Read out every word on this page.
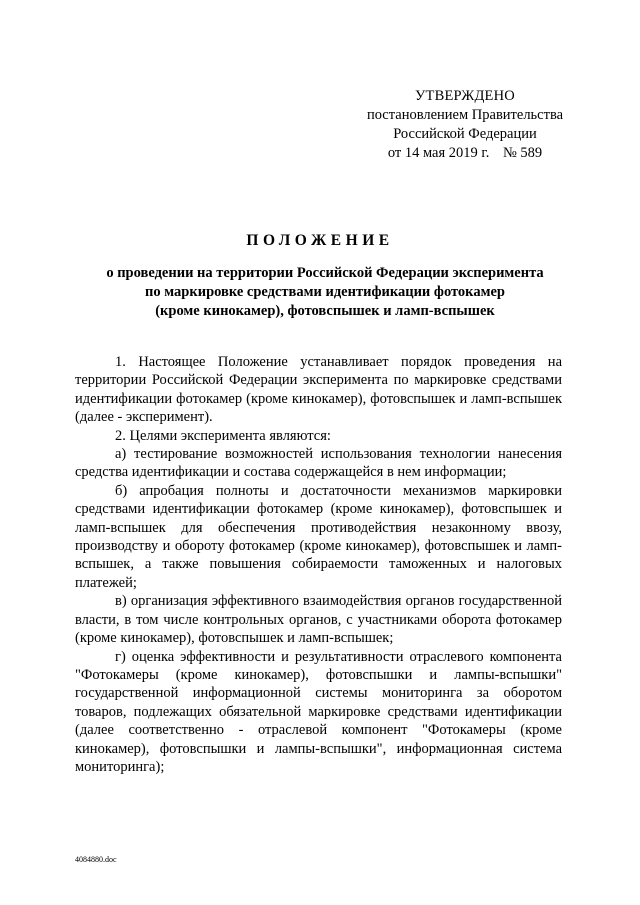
УТВЕРЖДЕНО
постановлением Правительства
Российской Федерации
от 14 мая 2019 г. № 589
ПОЛОЖЕНИЕ
о проведении на территории Российской Федерации эксперимента
по маркировке средствами идентификации фотокамер
(кроме кинокамер), фотовспышек и ламп-вспышек

1. Настоящее Положение устанавливает порядок проведения на территории Российской Федерации эксперимента по маркировке средствами идентификации фотокамер (кроме кинокамер), фотовспышек и ламп-вспышек (далее - эксперимент).

2. Целями эксперимента являются:

а) тестирование возможностей использования технологии нанесения средства идентификации и состава содержащейся в нем информации;

б) апробация полноты и достаточности механизмов маркировки средствами идентификации фотокамер (кроме кинокамер), фотовспышек и ламп-вспышек для обеспечения противодействия незаконному ввозу, производству и обороту фотокамер (кроме кинокамер), фотовспышек и ламп-вспышек, а также повышения собираемости таможенных и налоговых платежей;

в) организация эффективного взаимодействия органов государственной власти, в том числе контрольных органов, с участниками оборота фотокамер (кроме кинокамер), фотовспышек и ламп-вспышек;

г) оценка эффективности и результативности отраслевого компонента "Фотокамеры (кроме кинокамер), фотовспышки и лампы-вспышки" государственной информационной системы мониторинга за оборотом товаров, подлежащих обязательной маркировке средствами идентификации (далее соответственно - отраслевой компонент "Фотокамеры (кроме кинокамер), фотовспышки и лампы-вспышки", информационная система мониторинга);

4084880.doc
